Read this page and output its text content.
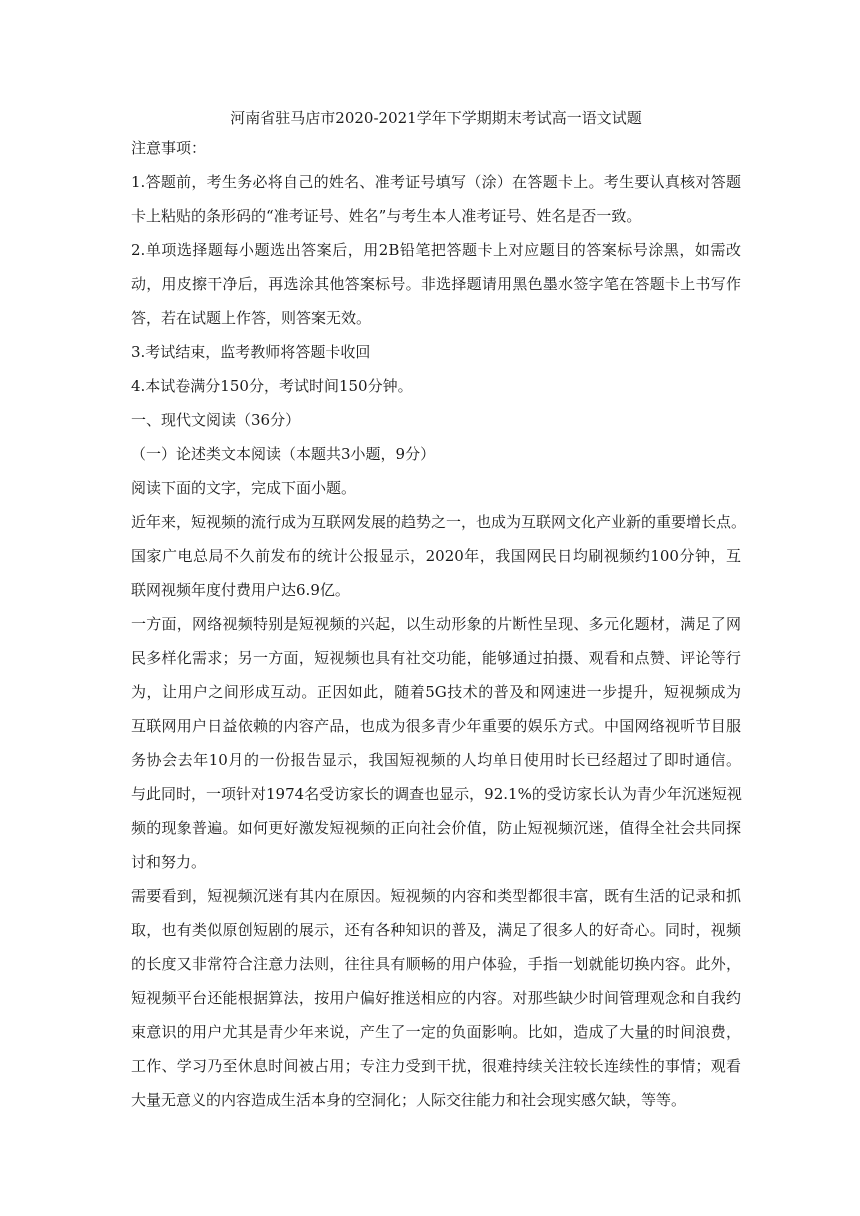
河南省驻马店市2020-2021学年下学期期末考试高一语文试题
注意事项：
1.答题前，考生务必将自己的姓名、准考证号填写（涂）在答题卡上。考生要认真核对答题
卡上粘贴的条形码的“准考证号、姓名”与考生本人准考证号、姓名是否一致。
2.单项选择题每小题选出答案后，用2B铅笔把答题卡上对应题目的答案标号涂黑，如需改
动，用皮擦干净后，再选涂其他答案标号。非选择题请用黑色墨水签字笔在答题卡上书写作
答，若在试题上作答，则答案无效。
3.考试结束，监考教师将答题卡收回
4.本试卷满分150分，考试时间150分钟。
一、现代文阅读（36分）
（一）论述类文本阅读（本题共3小题，9分）
阅读下面的文字，完成下面小题。
近年来，短视频的流行成为互联网发展的趋势之一，也成为互联网文化产业新的重要增长点。
国家广电总局不久前发布的统计公报显示，2020年，我国网民日均刷视频约100分钟，互
联网视频年度付费用户达6.9亿。
一方面，网络视频特别是短视频的兴起，以生动形象的片断性呈现、多元化题材，满足了网
民多样化需求；另一方面，短视频也具有社交功能，能够通过拍摄、观看和点赞、评论等行
为，让用户之间形成互动。正因如此，随着5G技术的普及和网速进一步提升，短视频成为
互联网用户日益依赖的内容产品，也成为很多青少年重要的娱乐方式。中国网络视听节目服
务协会去年10月的一份报告显示，我国短视频的人均单日使用时长已经超过了即时通信。
与此同时，一项针对1974名受访家长的调查也显示，92.1%的受访家长认为青少年沉迷短视
频的现象普遍。如何更好激发短视频的正向社会价值，防止短视频沉迷，值得全社会共同探
讨和努力。
需要看到，短视频沉迷有其内在原因。短视频的内容和类型都很丰富，既有生活的记录和抓
取，也有类似原创短剧的展示，还有各种知识的普及，满足了很多人的好奇心。同时，视频
的长度又非常符合注意力法则，往往具有顺畅的用户体验，手指一划就能切换内容。此外，
短视频平台还能根据算法，按用户偏好推送相应的内容。对那些缺少时间管理观念和自我约
束意识的用户尤其是青少年来说，产生了一定的负面影响。比如，造成了大量的时间浪费，
工作、学习乃至休息时间被占用；专注力受到干扰，很难持续关注较长连续性的事情；观看
大量无意义的内容造成生活本身的空洞化；人际交往能力和社会现实感欠缺，等等。
